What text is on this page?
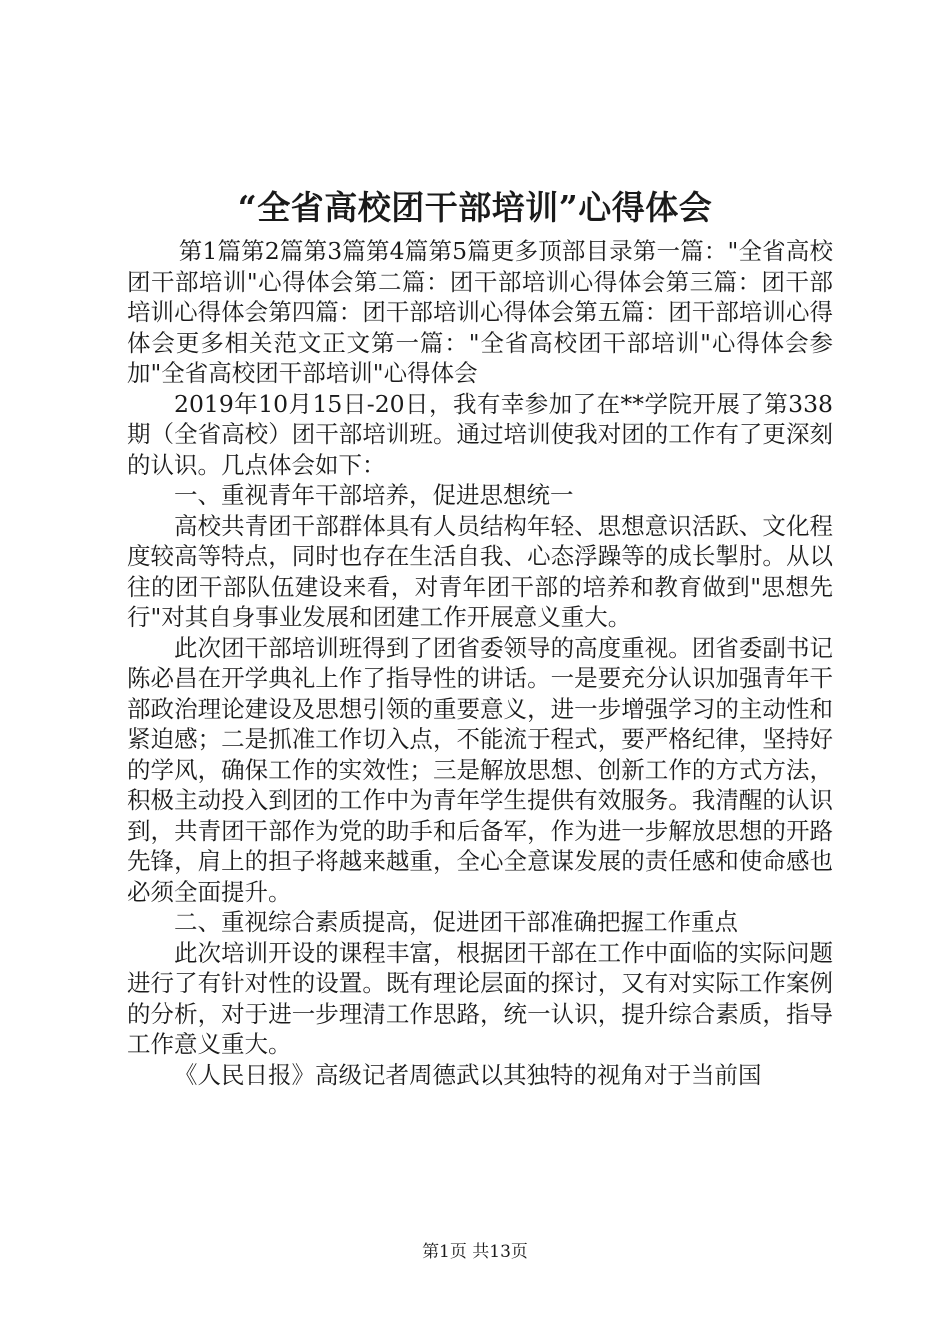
“全省高校团干部培训”心得体会

第1篇第2篇第3篇第4篇第5篇更多顶部目录第一篇："全省高校团干部培训"心得体会第二篇：团干部培训心得体会第三篇：团干部培训心得体会第四篇：团干部培训心得体会第五篇：团干部培训心得体会更多相关范文正文第一篇："全省高校团干部培训"心得体会参加"全省高校团干部培训"心得体会

2019年10月15日-20日，我有幸参加了在**学院开展了第338期（全省高校）团干部培训班。通过培训使我对团的工作有了更深刻的认识。几点体会如下：

一、重视青年干部培养，促进思想统一

高校共青团干部群体具有人员结构年轻、思想意识活跃、文化程度较高等特点，同时也存在生活自我、心态浮躁等的成长掣肘。从以往的团干部队伍建设来看，对青年团干部的培养和教育做到"思想先行"对其自身事业发展和团建工作开展意义重大。

此次团干部培训班得到了团省委领导的高度重视。团省委副书记陈必昌在开学典礼上作了指导性的讲话。一是要充分认识加强青年干部政治理论建设及思想引领的重要意义，进一步增强学习的主动性和紧迫感；二是抓准工作切入点，不能流于程式，要严格纪律，坚持好的学风，确保工作的实效性；三是解放思想、创新工作的方式方法，积极主动投入到团的工作中为青年学生提供有效服务。我清醒的认识到，共青团干部作为党的助手和后备军，作为进一步解放思想的开路先锋，肩上的担子将越来越重，全心全意谋发展的责任感和使命感也必须全面提升。

二、重视综合素质提高，促进团干部准确把握工作重点

此次培训开设的课程丰富，根据团干部在工作中面临的实际问题进行了有针对性的设置。既有理论层面的探讨，又有对实际工作案例的分析，对于进一步理清工作思路，统一认识，提升综合素质，指导工作意义重大。

《人民日报》高级记者周德武以其独特的视角对于当前国

第1页 共13页
